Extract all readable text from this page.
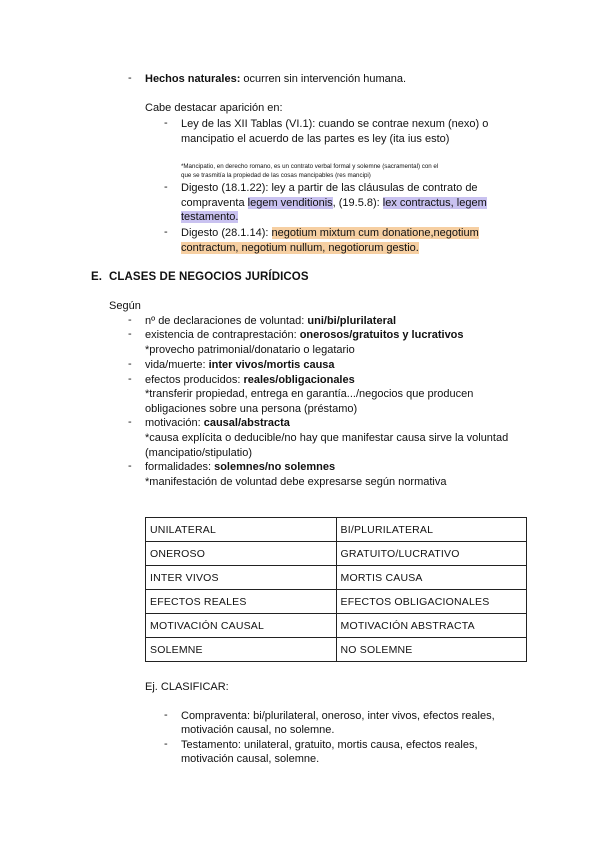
- Hechos naturales: ocurren sin intervención humana.
Cabe destacar aparición en:
- Ley de las XII Tablas (VI.1): cuando se contrae nexum (nexo) o
mancipatio el acuerdo de las partes es ley (ita ius esto)
*Mancipatio, en derecho romano, es un contrato verbal formal y solemne (sacramental) con el
que se trasmitía la propiedad de las cosas mancipables (res mancipi)
- Digesto (18.1.22): ley a partir de las cláusulas de contrato de
compraventa legem venditionis, (19.5.8): lex contractus, legem
testamento.
- Digesto (28.1.14): negotium mixtum cum donatione,negotium
contractum, negotium nullum, negotiorum gestio.
E. CLASES DE NEGOCIOS JURÍDICOS
Según
- nº de declaraciones de voluntad: uni/bi/plurilateral
- existencia de contraprestación: onerosos/gratuitos y lucrativos
*provecho patrimonial/donatario o legatario
- vida/muerte: inter vivos/mortis causa
- efectos producidos: reales/obligacionales
*transferir propiedad, entrega en garantía.../negocios que producen
obligaciones sobre una persona (préstamo)
- motivación: causal/abstracta
*causa explícita o deducible/no hay que manifestar causa sirve la voluntad
(mancipatio/stipulatio)
- formalidades: solemnes/no solemnes
*manifestación de voluntad debe expresarse según normativa
UNILATERAL	BI/PLURILATERAL
ONEROSO	GRATUITO/LUCRATIVO
INTER VIVOS	MORTIS CAUSA
EFECTOS REALES	EFECTOS OBLIGACIONALES
MOTIVACIÓN CAUSAL	MOTIVACIÓN ABSTRACTA
SOLEMNE	NO SOLEMNE
Ej. CLASIFICAR:
- Compraventa: bi/plurilateral, oneroso, inter vivos, efectos reales,
motivación causal, no solemne.
- Testamento: unilateral, gratuito, mortis causa, efectos reales,
motivación causal, solemne.
